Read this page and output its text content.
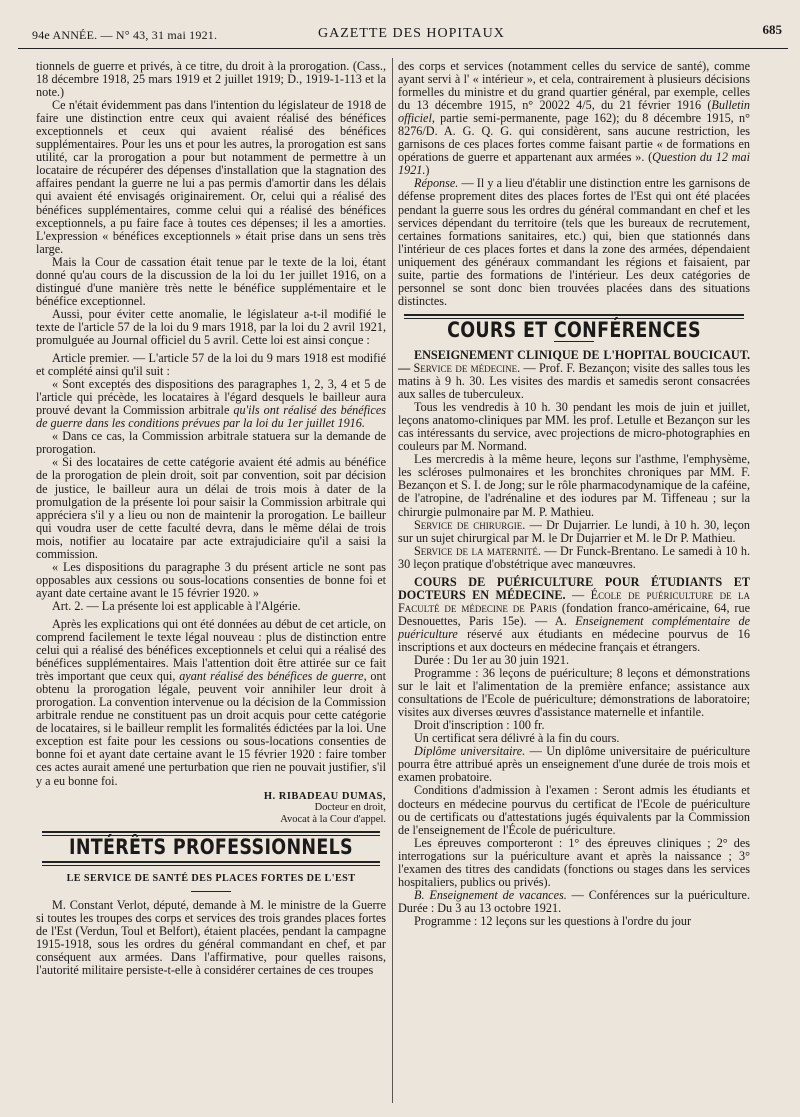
94e ANNÉE. — N° 43, 31 mai 1921.	GAZETTE DES HOPITAUX	685

tionnels de guerre et privés, à ce titre, du droit à la prorogation. (Cass., 18 décembre 1918, 25 mars 1919 et 2 juillet 1919; D., 1919-1-113 et la note.)

Ce n'était évidemment pas dans l'intention du législateur de 1918 de faire une distinction entre ceux qui avaient réalisé des bénéfices exceptionnels et ceux qui avaient réalisé des bénéfices supplémentaires. Pour les uns et pour les autres, la prorogation est sans utilité, car la prorogation a pour but notamment de permettre à un locataire de récupérer des dépenses d'installation que la stagnation des affaires pendant la guerre ne lui a pas permis d'amortir dans les délais qui avaient été envisagés originairement. Or, celui qui a réalisé des bénéfices supplémentaires, comme celui qui a réalisé des bénéfices exceptionnels, a pu faire face à toutes ces dépenses; il les a amorties. L'expression « bénéfices exceptionnels » était prise dans un sens très large.

Mais la Cour de cassation était tenue par le texte de la loi, étant donné qu'au cours de la discussion de la loi du 1er juillet 1916, on a distingué d'une manière très nette le bénéfice supplémentaire et le bénéfice exceptionnel.

Aussi, pour éviter cette anomalie, le législateur a-t-il modifié le texte de l'article 57 de la loi du 9 mars 1918, par la loi du 2 avril 1921, promulguée au Journal officiel du 5 avril. Cette loi est ainsi conçue :

Article premier. — L'article 57 de la loi du 9 mars 1918 est modifié et complété ainsi qu'il suit :

« Sont exceptés des dispositions des paragraphes 1, 2, 3, 4 et 5 de l'article qui précède, les locataires à l'égard desquels le bailleur aura prouvé devant la Commission arbitrale qu'ils ont réalisé des bénéfices de guerre dans les conditions prévues par la loi du 1er juillet 1916.

« Dans ce cas, la Commission arbitrale statuera sur la demande de prorogation.

« Si des locataires de cette catégorie avaient été admis au bénéfice de la prorogation de plein droit, soit par convention, soit par décision de justice, le bailleur aura un délai de trois mois à dater de la promulgation de la présente loi pour saisir la Commission arbitrale qui appréciera s'il y a lieu ou non de maintenir la prorogation. Le bailleur qui voudra user de cette faculté devra, dans le même délai de trois mois, notifier au locataire par acte extrajudiciaire qu'il a saisi la commission.

« Les dispositions du paragraphe 3 du présent article ne sont pas opposables aux cessions ou sous-locations consenties de bonne foi et ayant date certaine avant le 15 février 1920. »

Art. 2. — La présente loi est applicable à l'Algérie.

Après les explications qui ont été données au début de cet article, on comprend facilement le texte légal nouveau : plus de distinction entre celui qui a réalisé des bénéfices exceptionnels et celui qui a réalisé des bénéfices supplémentaires. Mais l'attention doit être attirée sur ce fait très important que ceux qui, ayant réalisé des bénéfices de guerre, ont obtenu la prorogation légale, peuvent voir annihiler leur droit à prorogation. La convention intervenue ou la décision de la Commission arbitrale rendue ne constituent pas un droit acquis pour cette catégorie de locataires, si le bailleur remplit les formalités édictées par la loi. Une exception est faite pour les cessions ou sous-locations consenties de bonne foi et ayant date certaine avant le 15 février 1920 : faire tomber ces actes aurait amené une perturbation que rien ne pouvait justifier, s'il y a eu bonne foi.

H. RIBADEAU DUMAS,
Docteur en droit,
Avocat à la Cour d'appel.
INTÉRÊTS PROFESSIONNELS
LE SERVICE DE SANTÉ DES PLACES FORTES DE L'EST

M. Constant Verlot, député, demande à M. le ministre de la Guerre si toutes les troupes des corps et services des trois grandes places fortes de l'Est (Verdun, Toul et Belfort), étaient placées, pendant la campagne 1915-1918, sous les ordres du général commandant en chef, et par conséquent aux armées. Dans l'affirmative, pour quelles raisons, l'autorité militaire persiste-t-elle à considérer certaines de ces troupes

des corps et services (notamment celles du service de santé), comme ayant servi à l' « intérieur », et cela, contrairement à plusieurs décisions formelles du ministre et du grand quartier général, par exemple, celles du 13 décembre 1915, n° 20022 4/5, du 21 février 1916 (Bulletin officiel, partie semi-permanente, page 162); du 8 décembre 1915, n° 8276/D. A. G. Q. G. qui considèrent, sans aucune restriction, les garnisons de ces places fortes comme faisant partie « de formations en opérations de guerre et appartenant aux armées ». (Question du 12 mai 1921.)

Réponse. — Il y a lieu d'établir une distinction entre les garnisons de défense proprement dites des places fortes de l'Est qui ont été placées pendant la guerre sous les ordres du général commandant en chef et les services dépendant du territoire (tels que les bureaux de recrutement, certaines formations sanitaires, etc.) qui, bien que stationnés dans l'intérieur de ces places fortes et dans la zone des armées, dépendaient uniquement des généraux commandant les régions et faisaient, par suite, partie des formations de l'intérieur. Les deux catégories de personnel se sont donc bien trouvées placées dans des situations distinctes.

COURS ET CONFÉRENCES

ENSEIGNEMENT CLINIQUE DE L'HOPITAL BOUCICAUT. — Service de médecine. — Prof. F. Bezançon; visite des salles tous les matins à 9 h. 30. Les visites des mardis et samedis seront consacrées aux salles de tuberculeux.

Tous les vendredis à 10 h. 30 pendant les mois de juin et juillet, leçons anatomo-cliniques par MM. les prof. Letulle et Bezançon sur les cas intéressants du service, avec projections de micro-photographies en couleurs par M. Normand.

Les mercredis à la même heure, leçons sur l'asthme, l'emphysème, les scléroses pulmonaires et les bronchites chroniques par MM. F. Bezançon et S. I. de Jong; sur le rôle pharmacodynamique de la caféine, de l'atropine, de l'adrénaline et des iodures par M. Tiffeneau ; sur la chirurgie pulmonaire par M. P. Mathieu.

Service de chirurgie. — Dr Dujarrier. Le lundi, à 10 h. 30, leçon sur un sujet chirurgical par M. le Dr Dujarrier et M. le Dr P. Mathieu.

Service de la maternité. — Dr Funck-Brentano. Le samedi à 10 h. 30 leçon pratique d'obstétrique avec manœuvres.

COURS DE PUÉRICULTURE POUR ÉTUDIANTS ET DOCTEURS EN MÉDECINE. — École de puériculture de la Faculté de médecine de Paris (fondation franco-américaine, 64, rue Desnouettes, Paris 15e). — A. Enseignement complémentaire de puériculture réservé aux étudiants en médecine pourvus de 16 inscriptions et aux docteurs en médecine français et étrangers.

Durée : Du 1er au 30 juin 1921.

Programme : 36 leçons de puériculture; 8 leçons et démonstrations sur le lait et l'alimentation de la première enfance; assistance aux consultations de l'Ecole de puériculture; démonstrations de laboratoire; visites aux diverses œuvres d'assistance maternelle et infantile.

Droit d'inscription : 100 fr.

Un certificat sera délivré à la fin du cours.

Diplôme universitaire. — Un diplôme universitaire de puériculture pourra être attribué après un enseignement d'une durée de trois mois et examen probatoire.

Conditions d'admission à l'examen : Seront admis les étudiants et docteurs en médecine pourvus du certificat de l'Ecole de puériculture ou de certificats ou d'attestations jugés équivalents par la Commission de l'enseignement de l'École de puériculture.

Les épreuves comporteront : 1° des épreuves cliniques ; 2° des interrogations sur la puériculture avant et après la naissance ; 3° l'examen des titres des candidats (fonctions ou stages dans les services hospitaliers, publics ou privés).

B. Enseignement de vacances. — Conférences sur la puériculture. Durée : Du 3 au 13 octobre 1921.

Programme : 12 leçons sur les questions à l'ordre du jour
